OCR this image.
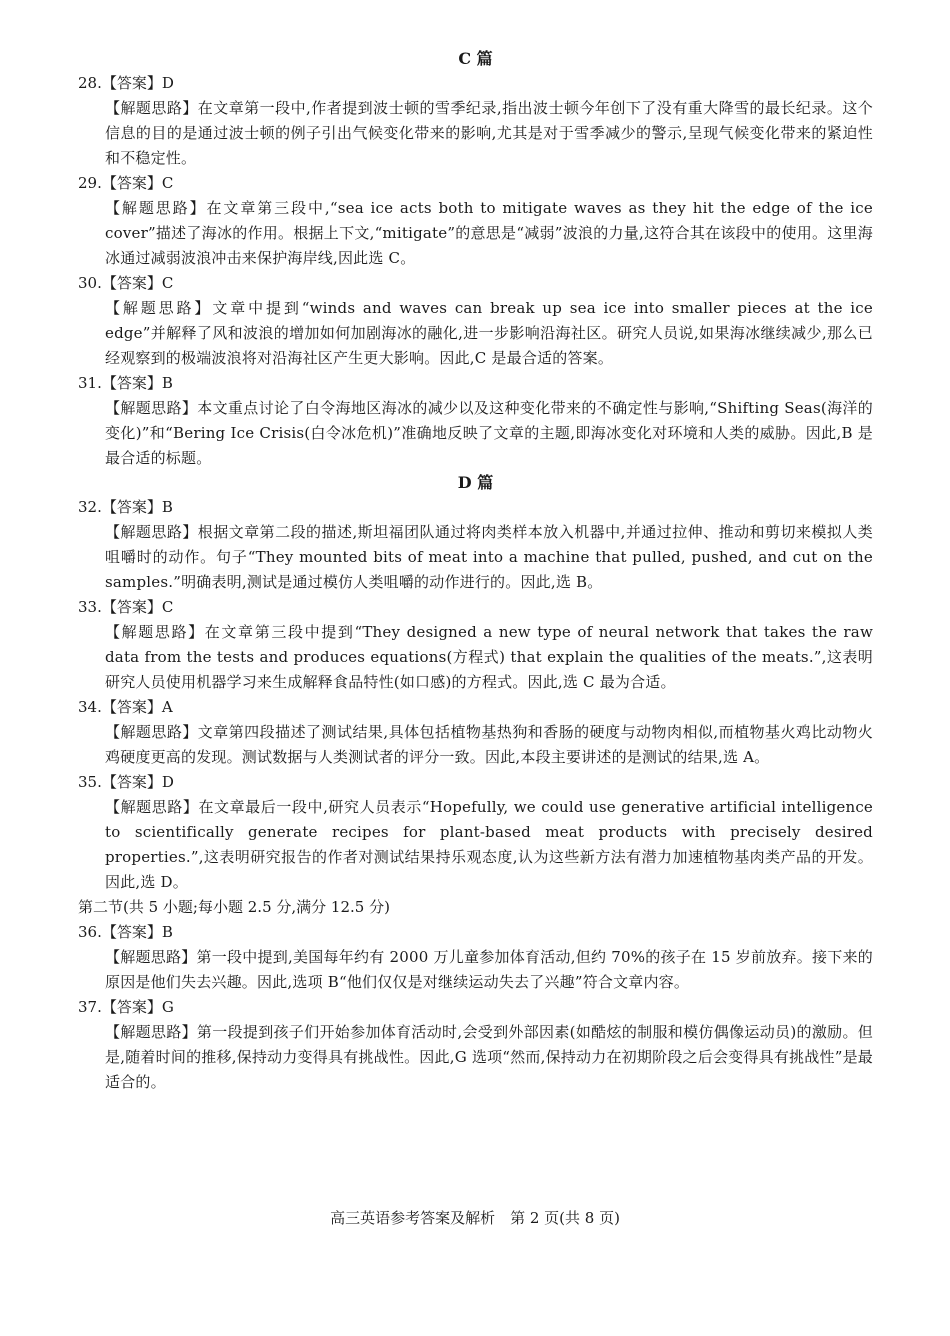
C 篇

28.【答案】D

【解题思路】在文章第一段中,作者提到波士顿的雪季纪录,指出波士顿今年创下了没有重大降雪的最长纪录。这个信息的目的是通过波士顿的例子引出气候变化带来的影响,尤其是对于雪季减少的警示,呈现气候变化带来的紧迫性和不稳定性。

29.【答案】C

【解题思路】在文章第三段中,“sea ice acts both to mitigate waves as they hit the edge of the ice cover”描述了海冰的作用。根据上下文,“mitigate”的意思是“减弱”波浪的力量,这符合其在该段中的使用。这里海冰通过减弱波浪冲击来保护海岸线,因此选 C。

30.【答案】C

【解题思路】文章中提到“winds and waves can break up sea ice into smaller pieces at the ice edge”并解释了风和波浪的增加如何加剧海冰的融化,进一步影响沿海社区。研究人员说,如果海冰继续减少,那么已经观察到的极端波浪将对沿海社区产生更大影响。因此,C 是最合适的答案。

31.【答案】B

【解题思路】本文重点讨论了白令海地区海冰的减少以及这种变化带来的不确定性与影响,“Shifting Seas(海洋的变化)”和“Bering Ice Crisis(白令冰危机)”准确地反映了文章的主题,即海冰变化对环境和人类的威胁。因此,B 是最合适的标题。

D 篇

32.【答案】B

【解题思路】根据文章第二段的描述,斯坦福团队通过将肉类样本放入机器中,并通过拉伸、推动和剪切来模拟人类咀嚼时的动作。句子“They mounted bits of meat into a machine that pulled, pushed, and cut on the samples.”明确表明,测试是通过模仿人类咀嚼的动作进行的。因此,选 B。

33.【答案】C

【解题思路】在文章第三段中提到“They designed a new type of neural network that takes the raw data from the tests and produces equations(方程式) that explain the qualities of the meats.”,这表明研究人员使用机器学习来生成解释食品特性(如口感)的方程式。因此,选 C 最为合适。

34.【答案】A

【解题思路】文章第四段描述了测试结果,具体包括植物基热狗和香肠的硬度与动物肉相似,而植物基火鸡比动物火鸡硬度更高的发现。测试数据与人类测试者的评分一致。因此,本段主要讲述的是测试的结果,选 A。

35.【答案】D

【解题思路】在文章最后一段中,研究人员表示“Hopefully, we could use generative artificial intelligence to scientifically generate recipes for plant-based meat products with precisely desired properties.”,这表明研究报告的作者对测试结果持乐观态度,认为这些新方法有潜力加速植物基肉类产品的开发。因此,选 D。

第二节(共 5 小题;每小题 2.5 分,满分 12.5 分)

36.【答案】B

【解题思路】第一段中提到,美国每年约有 2000 万儿童参加体育活动,但约 70%的孩子在 15 岁前放弃。接下来的原因是他们失去兴趣。因此,选项 B“他们仅仅是对继续运动失去了兴趣”符合文章内容。

37.【答案】G

【解题思路】第一段提到孩子们开始参加体育活动时,会受到外部因素(如酷炫的制服和模仿偶像运动员)的激励。但是,随着时间的推移,保持动力变得具有挑战性。因此,G 选项“然而,保持动力在初期阶段之后会变得具有挑战性”是最适合的。

高三英语参考答案及解析　第 2 页(共 8 页)
